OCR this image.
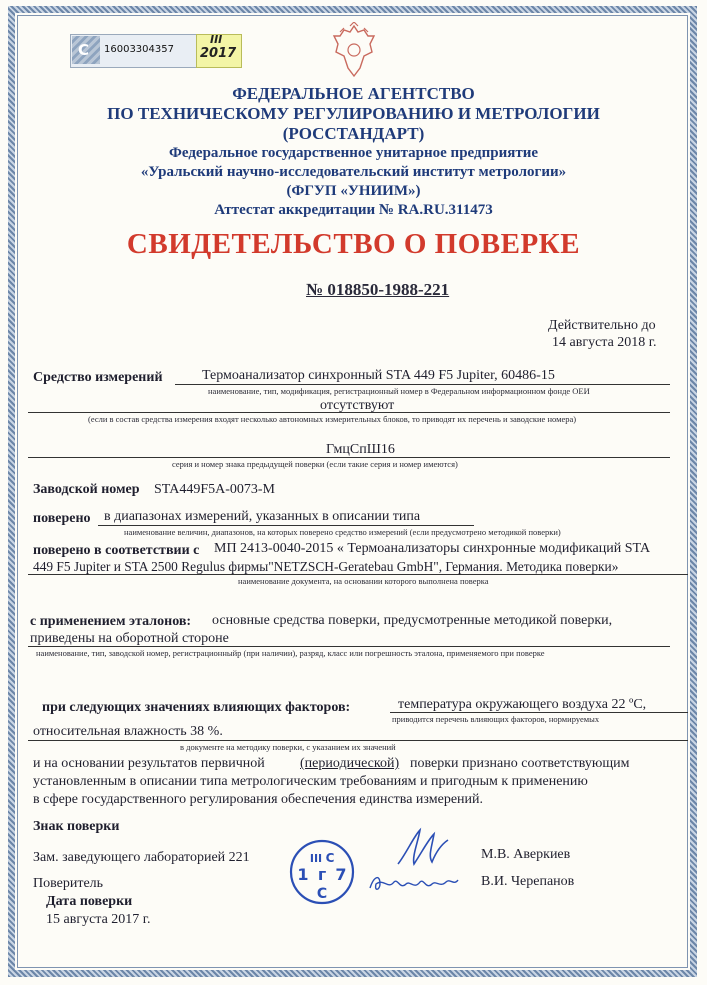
С 16003304357
III
2017
ФЕДЕРАЛЬНОЕ АГЕНТСТВО
ПО ТЕХНИЧЕСКОМУ РЕГУЛИРОВАНИЮ И МЕТРОЛОГИИ
(РОССТАНДАРТ)
Федеральное государственное унитарное предприятие
«Уральский научно-исследовательский институт метрологии»
(ФГУП «УНИИМ»)
Аттестат аккредитации № RA.RU.311473
СВИДЕТЕЛЬСТВО О ПОВЕРКЕ
№ 018850-1988-221
Действительно до
14 августа 2018 г.
Средство измерений	Термоанализатор синхронный STA 449 F5 Jupiter, 60486-15
наименование, тип, модификация, регистрационный номер в Федеральном информационном фонде ОЕИ
отсутствуют
(если в состав средства измерения входят несколько автономных измерительных блоков, то приводят их перечень и заводские номера)
ГмцСпШ16
серия и номер знака предыдущей поверки (если такие серия и номер имеются)
Заводской номер STA449F5A-0073-M
поверено в диапазонах измерений, указанных в описании типа
наименование величин, диапазонов, на которых поверено средство измерений (если предусмотрено методикой поверки)
поверено в соответствии с МП 2413-0040-2015 « Термоанализаторы синхронные модификаций STA
449 F5 Jupiter и STA 2500 Regulus фирмы"NETZSCH-Geratebau GmbH", Германия. Методика поверки»
наименование документа, на основании которого выполнена поверка
с применением эталонов: основные средства поверки, предусмотренные методикой поверки,
приведены на оборотной стороне
наименование, тип, заводской номер, регистрационныйр (при наличии), разряд, класс или погрешность эталона, применяемого при поверке
при следующих значениях влияющих факторов:	температура окружающего воздуха 22 ºС,
приводится перечень влияющих факторов, нормируемых
относительная влажность 38 %.
в документе на методику поверки, с указанием их значений
и на основании результатов первичной	(периодической) поверки признано соответствующим
установленным в описании типа метрологическим требованиям и пригодным к применению
в сфере государственного регулирования обеспечения единства измерений.
Знак поверки
Зам. заведующего лабораторией 221	М.В. Аверкиев
Поверитель	В.И. Черепанов
III С
1 г 7
С
Дата поверки
15 августа 2017 г.
